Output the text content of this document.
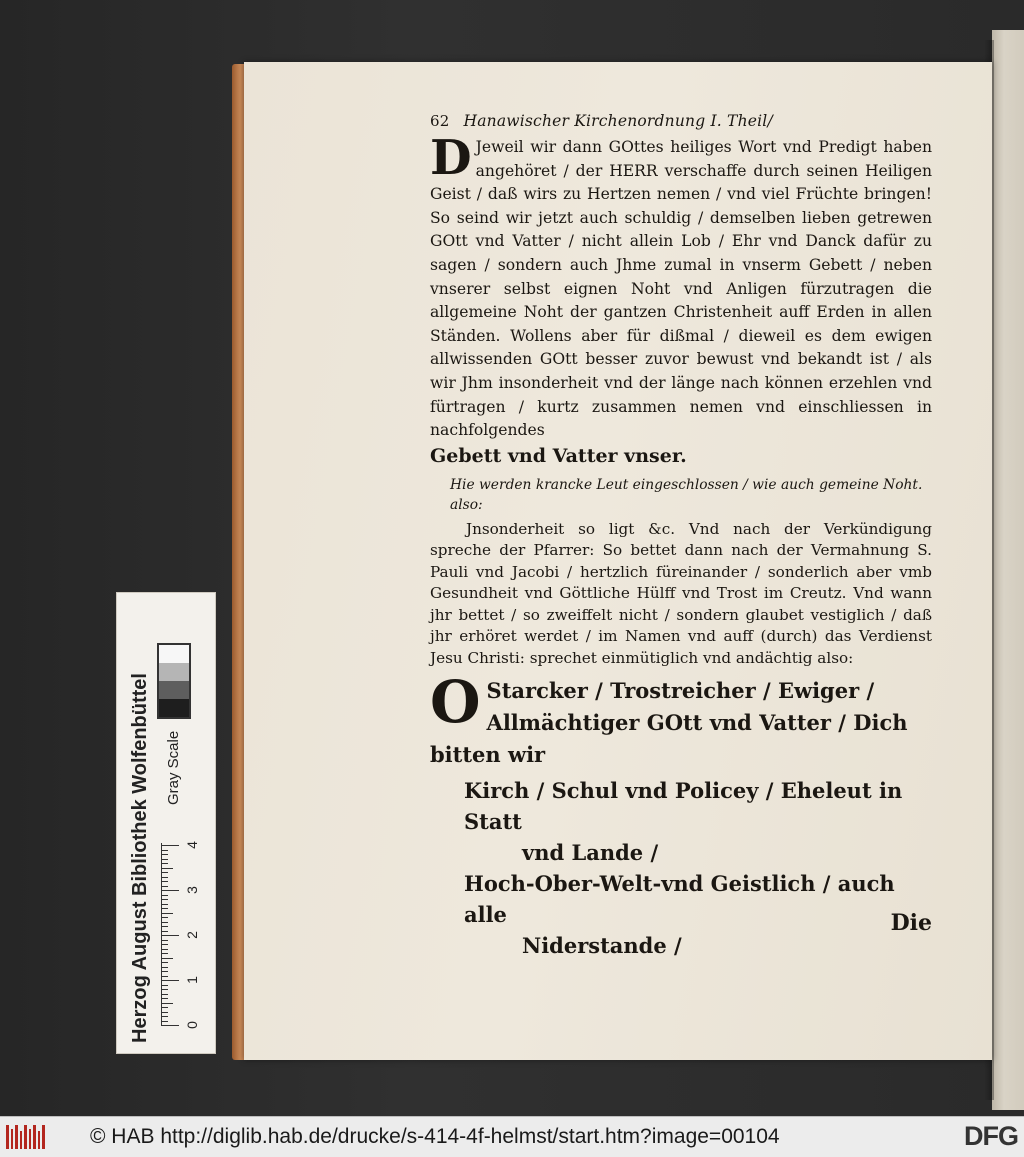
62 Hanawischer Kirchenordnung I. Theil/

D Jeweil wir dann GOttes heiliges Wort vnd Predigt haben angehöret / der HERR verschaffe durch seinen Heiligen Geist / daß wirs zu Hertzen nemen / vnd viel Früchte bringen! So seind wir jetzt auch schuldig / demselben lieben getrewen GOtt vnd Vatter / nicht allein Lob / Ehr vnd Danck dafür zu sagen / sondern auch Jhme zumal in vnserm Gebett / neben vnserer selbst eignen Noht vnd Anligen fürzutragen die allgemeine Noht der gantzen Christenheit auff Erden in allen Ständen. Wollens aber für dißmal / dieweil es dem ewigen allwissenden GOtt besser zuvor bewust vnd bekandt ist / als wir Jhm insonderheit vnd der länge nach können erzehlen vnd fürtragen / kurtz zusammen nemen vnd einschliessen in nachfolgendes

Gebett vnd Vatter vnser.

Hie werden krancke Leut eingeschlossen / wie auch gemeine Noht. also:

Jnsonderheit so ligt &c. Vnd nach der Verkündigung spreche der Pfarrer: So bettet dann nach der Vermahnung S. Pauli vnd Jacobi / hertzlich füreinander / sonderlich aber vmb Gesundheit vnd Göttliche Hülff vnd Trost im Creutz. Vnd wann jhr bettet / so zweiffelt nicht / sondern glaubet vestiglich / daß jhr erhöret werdet / im Namen vnd auff (durch) das Verdienst Jesu Christi: sprechet einmütiglich vnd andächtig also:

O Starcker / Trostreicher / Ewiger / Allmächtiger GOtt vnd Vatter / Dich bitten wir

Kirch / Schul vnd Policey / Eheleut in Statt

vnd Lande /

Hoch-Ober-Welt-vnd Geistlich / auch alle

Niderstande /

Die
Herzog August Bibliothek Wolfenbüttel Gray Scale
0
1
2
3
4
© HAB http://diglib.hab.de/drucke/s-414-4f-helmst/start.htm?image=00104	DFG
